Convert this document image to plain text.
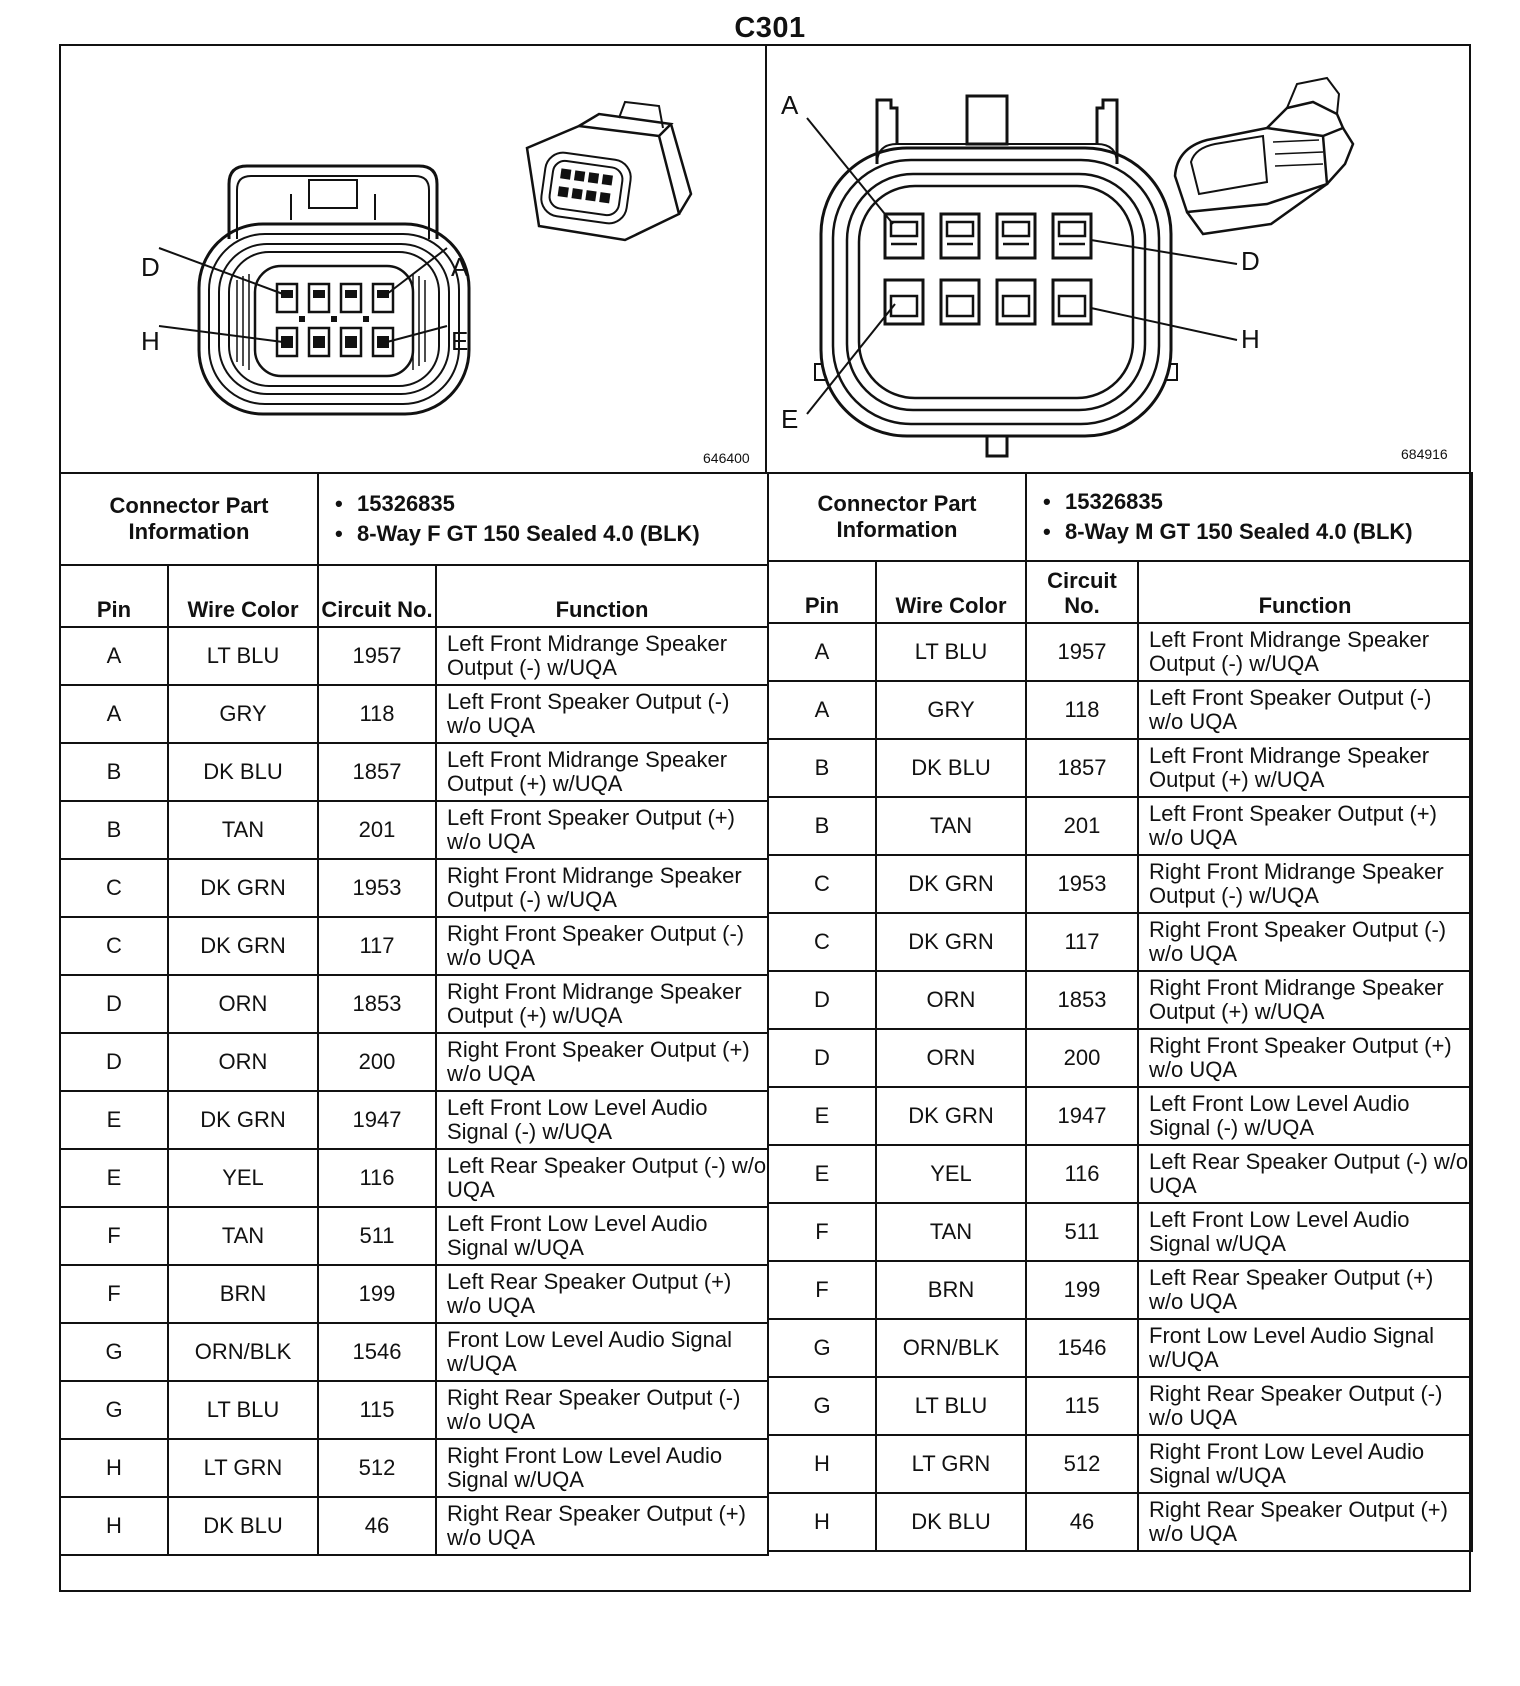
C301
D	A
H	E
646400
A
D
H
E
684916
Connector Part Information		• 15326835
• 8-Way F GT 150 Sealed 4.0 (BLK)

Pin	Wire Color	Circuit No.	Function
A	LT BLU	1957	Left Front Midrange Speaker Output (-) w/UQA
A	GRY	118	Left Front Speaker Output (-) w/o UQA
B	DK BLU	1857	Left Front Midrange Speaker Output (+) w/UQA
B	TAN	201	Left Front Speaker Output (+) w/o UQA
C	DK GRN	1953	Right Front Midrange Speaker Output (-) w/UQA
C	DK GRN	117	Right Front Speaker Output (-) w/o UQA
D	ORN	1853	Right Front Midrange Speaker Output (+) w/UQA
D	ORN	200	Right Front Speaker Output (+) w/o UQA
E	DK GRN	1947	Left Front Low Level Audio Signal (-) w/UQA
E	YEL	116	Left Rear Speaker Output (-) w/o UQA
F	TAN	511	Left Front Low Level Audio Signal w/UQA
F	BRN	199	Left Rear Speaker Output (+) w/o UQA
G	ORN/BLK	1546	Front Low Level Audio Signal w/UQA
G	LT BLU	115	Right Rear Speaker Output (-) w/o UQA
H	LT GRN	512	Right Front Low Level Audio Signal w/UQA
H	DK BLU	46	Right Rear Speaker Output (+) w/o UQA
Connector Part Information		• 15326835
• 8-Way M GT 150 Sealed 4.0 (BLK)

Pin	Wire Color	Circuit No.	Function
A	LT BLU	1957	Left Front Midrange Speaker Output (-) w/UQA
A	GRY	118	Left Front Speaker Output (-) w/o UQA
B	DK BLU	1857	Left Front Midrange Speaker Output (+) w/UQA
B	TAN	201	Left Front Speaker Output (+) w/o UQA
C	DK GRN	1953	Right Front Midrange Speaker Output (-) w/UQA
C	DK GRN	117	Right Front Speaker Output (-) w/o UQA
D	ORN	1853	Right Front Midrange Speaker Output (+) w/UQA
D	ORN	200	Right Front Speaker Output (+) w/o UQA
E	DK GRN	1947	Left Front Low Level Audio Signal (-) w/UQA
E	YEL	116	Left Rear Speaker Output (-) w/o UQA
F	TAN	511	Left Front Low Level Audio Signal w/UQA
F	BRN	199	Left Rear Speaker Output (+) w/o UQA
G	ORN/BLK	1546	Front Low Level Audio Signal w/UQA
G	LT BLU	115	Right Rear Speaker Output (-) w/o UQA
H	LT GRN	512	Right Front Low Level Audio Signal w/UQA
H	DK BLU	46	Right Rear Speaker Output (+) w/o UQA
